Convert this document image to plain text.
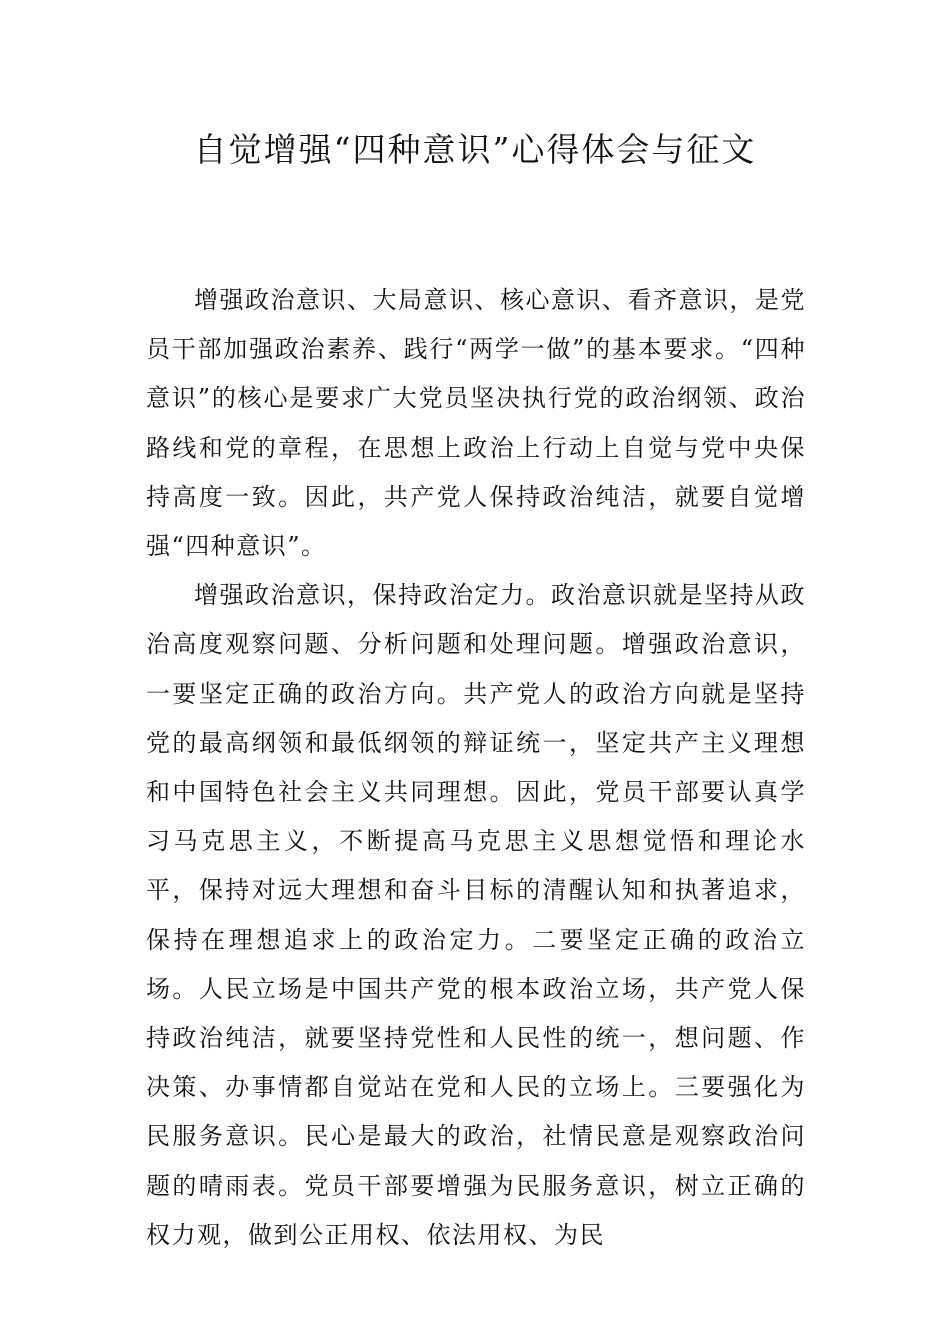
自觉增强“四种意识”心得体会与征文

增强政治意识、大局意识、核心意识、看齐意识，是党员干部加强政治素养、践行“两学一做”的基本要求。“四种意识”的核心是要求广大党员坚决执行党的政治纲领、政治路线和党的章程，在思想上政治上行动上自觉与党中央保持高度一致。因此，共产党人保持政治纯洁，就要自觉增强“四种意识”。

增强政治意识，保持政治定力。政治意识就是坚持从政治高度观察问题、分析问题和处理问题。增强政治意识，一要坚定正确的政治方向。共产党人的政治方向就是坚持党的最高纲领和最低纲领的辩证统一，坚定共产主义理想和中国特色社会主义共同理想。因此，党员干部要认真学习马克思主义，不断提高马克思主义思想觉悟和理论水平，保持对远大理想和奋斗目标的清醒认知和执著追求，保持在理想追求上的政治定力。二要坚定正确的政治立场。人民立场是中国共产党的根本政治立场，共产党人保持政治纯洁，就要坚持党性和人民性的统一，想问题、作决策、办事情都自觉站在党和人民的立场上。三要强化为民服务意识。民心是最大的政治，社情民意是观察政治问题的晴雨表。党员干部要增强为民服务意识，树立正确的权力观，做到公正用权、依法用权、为民
